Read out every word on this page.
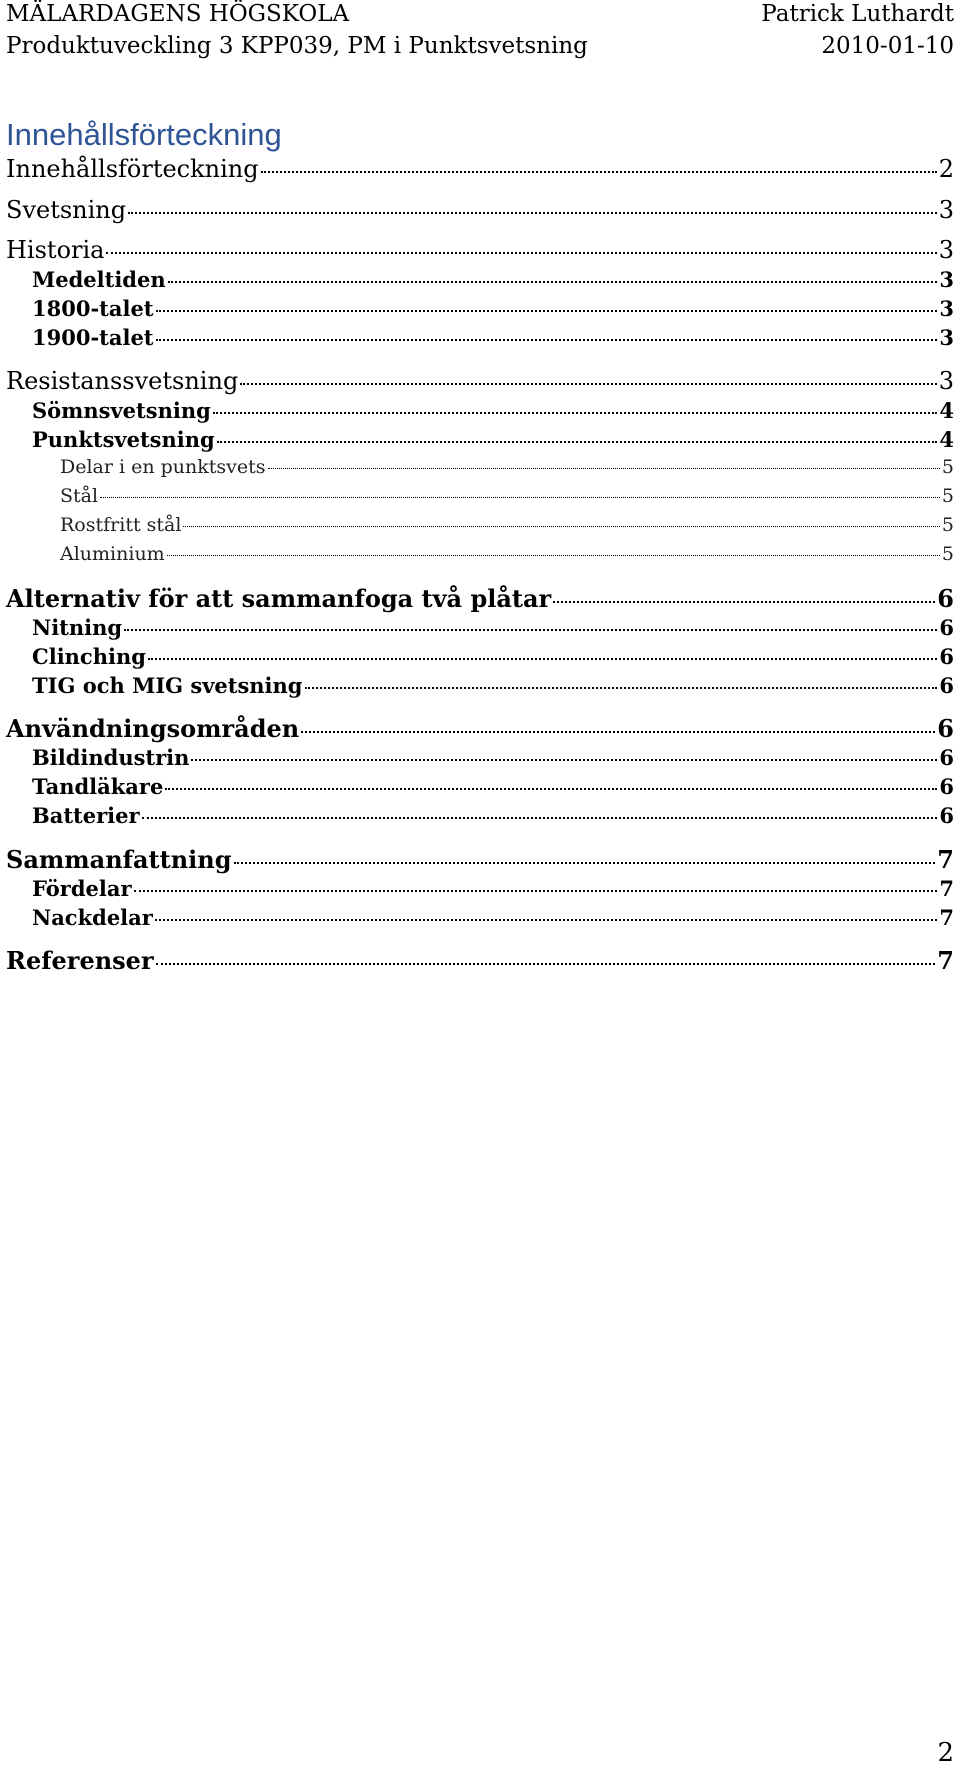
MÄLARDAGENS HÖGSKOLA	Patrick Luthardt
Produktuveckling 3 KPP039, PM i Punktsvetsning	2010-01-10
Innehållsförteckning
Innehållsförteckning	2
Svetsning	3
Historia	3
Medeltiden	3
1800-talet	3
1900-talet	3
Resistanssvetsning	3
Sömnsvetsning	4
Punktsvetsning	4
Delar i en punktsvets	5
Stål	5
Rostfritt stål	5
Aluminium	5
Alternativ för att sammanfoga två plåtar	6
Nitning	6
Clinching	6
TIG och MIG svetsning	6
Användningsområden	6
Bildindustrin	6
Tandläkare	6
Batterier	6
Sammanfattning	7
Fördelar	7
Nackdelar	7
Referenser	7
2
